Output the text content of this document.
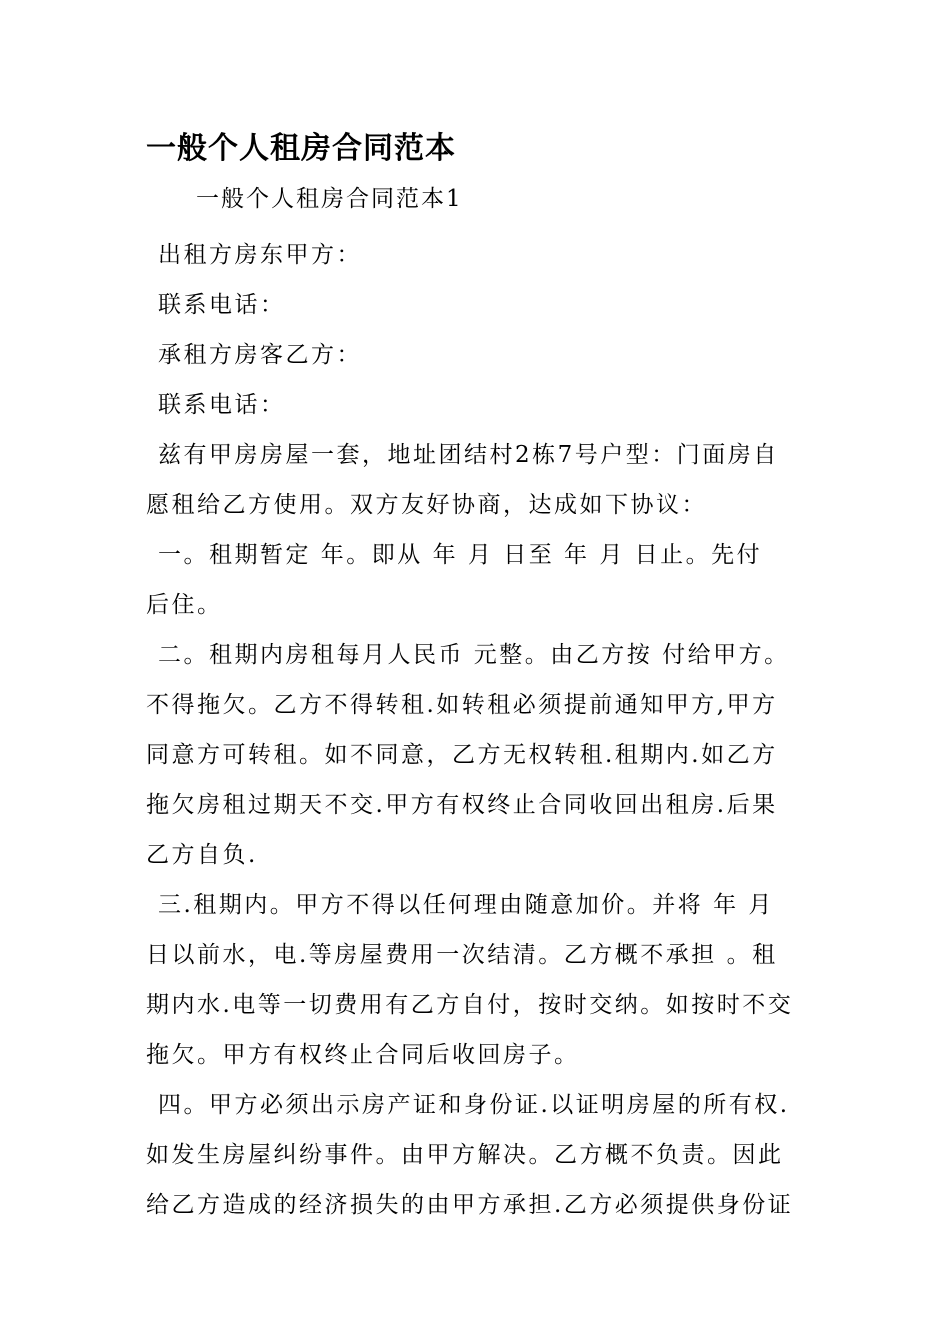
一般个人租房合同范本
一般个人租房合同范本1
出租方房东甲方：
联系电话：
承租方房客乙方：
联系电话：
兹有甲房房屋一套，地址团结村2栋7号户型：门面房自
愿租给乙方使用。双方友好协商，达成如下协议：
一。租期暂定 年。即从 年 月 日至 年 月 日止。先付
后住。
二。租期内房租每月人民币 元整。由乙方按 付给甲方。
不得拖欠。乙方不得转租.如转租必须提前通知甲方,甲方
同意方可转租。如不同意，乙方无权转租.租期内.如乙方
拖欠房租过期天不交.甲方有权终止合同收回出租房.后果
乙方自负.
三.租期内。甲方不得以任何理由随意加价。并将 年 月
日以前水，电.等房屋费用一次结清。乙方概不承担 。租
期内水.电等一切费用有乙方自付，按时交纳。如按时不交
拖欠。甲方有权终止合同后收回房子。
四。甲方必须出示房产证和身份证.以证明房屋的所有权.
如发生房屋纠纷事件。由甲方解决。乙方概不负责。因此
给乙方造成的经济损失的由甲方承担.乙方必须提供身份证
